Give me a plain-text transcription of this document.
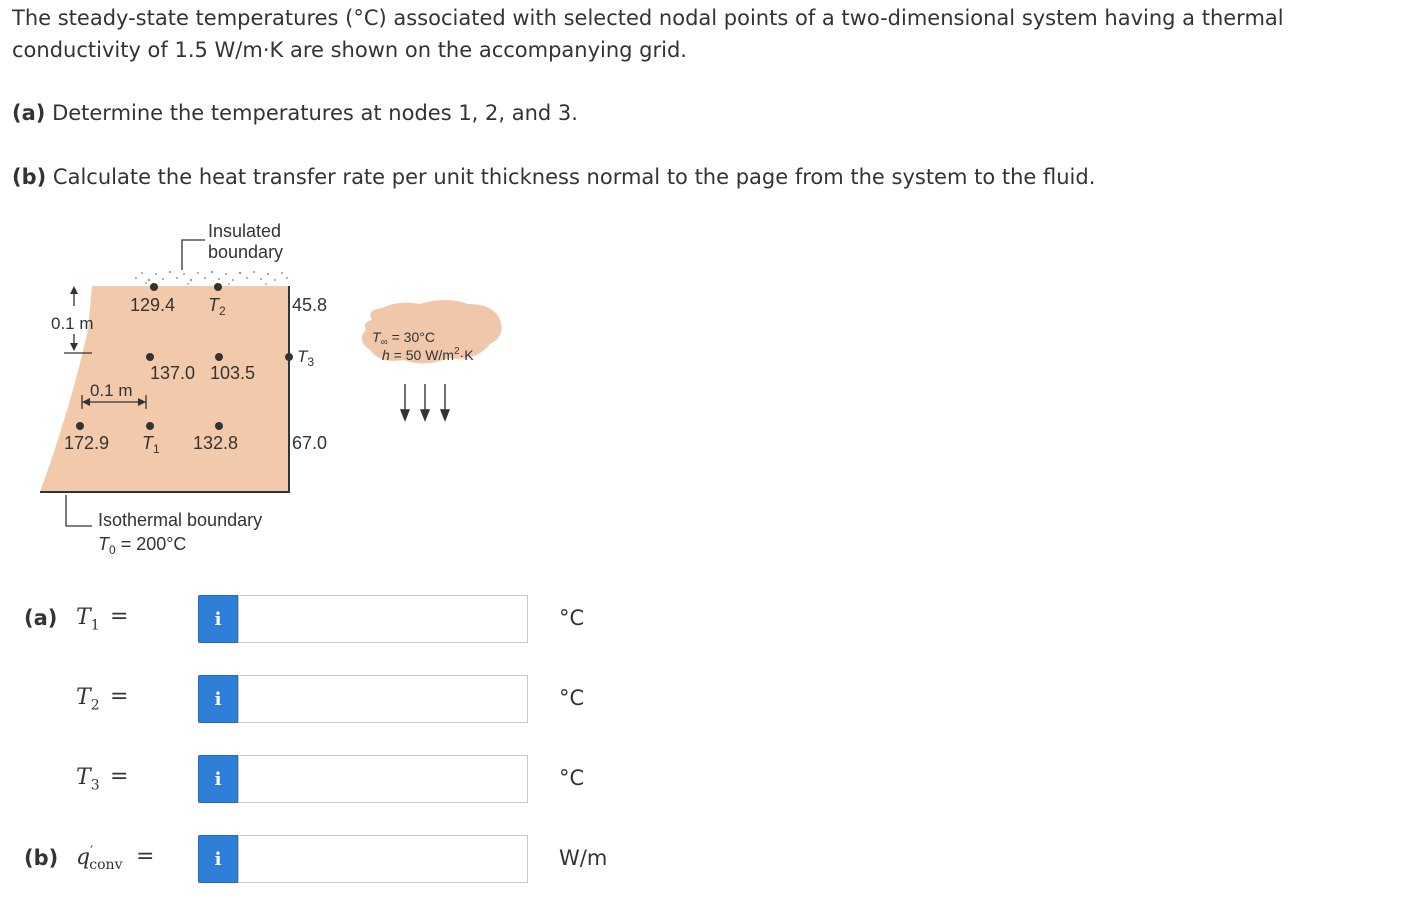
The steady-state temperatures (°C) associated with selected nodal points of a two-dimensional system having a thermal conductivity of 1.5 W/m·K are shown on the accompanying grid.

(a) Determine the temperatures at nodes 1, 2, and 3.

(b) Calculate the heat transfer rate per unit thickness normal to the page from the system to the fluid.

Insulated
boundary
129.4 $T_2$	45.8
0.1 m
137.0 103.5
$T_3$
0.1 m
172.9 $T_1$ 132.8	67.0
Isothermal boundary
$T_0 = 200^\circ C$
$T_\infty = 30^\circ C$
h = 50 $W/m^2\cdot K$
(a) $T_1$ =	i	°C
$T_2$ =	i	°C
$T_3$ =	i	°C
(b) $q'_{conv}$ =	i	W/m
